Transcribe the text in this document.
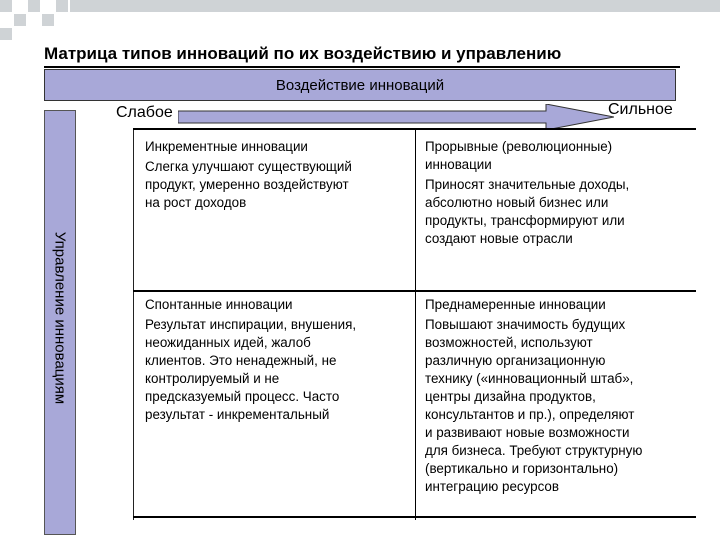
Матрица типов инноваций по их воздействию и управлению
Воздействие инноваций
Слабое	Сильное
Управление инновациям
Инкрементные инновации
Слегка улучшают существующий
продукт, умеренно воздействуют
на рост доходов
Прорывные (революционные)
инновации
Приносят значительные доходы,
абсолютно новый бизнес или
продукты, трансформируют или
создают новые отрасли
Спонтанные инновации
Результат инспирации, внушения,
неожиданных идей, жалоб
клиентов. Это ненадежный, не
контролируемый и не
предсказуемый процесс. Часто
результат - инкрементальный
Преднамеренные инновации
Повышают значимость будущих
возможностей, используют
различную организационную
технику («инновационный штаб»,
центры дизайна продуктов,
консультантов и пр.), определяют
и развивают новые возможности
для бизнеса. Требуют структурную
(вертикально и горизонтально)
интеграцию ресурсов
